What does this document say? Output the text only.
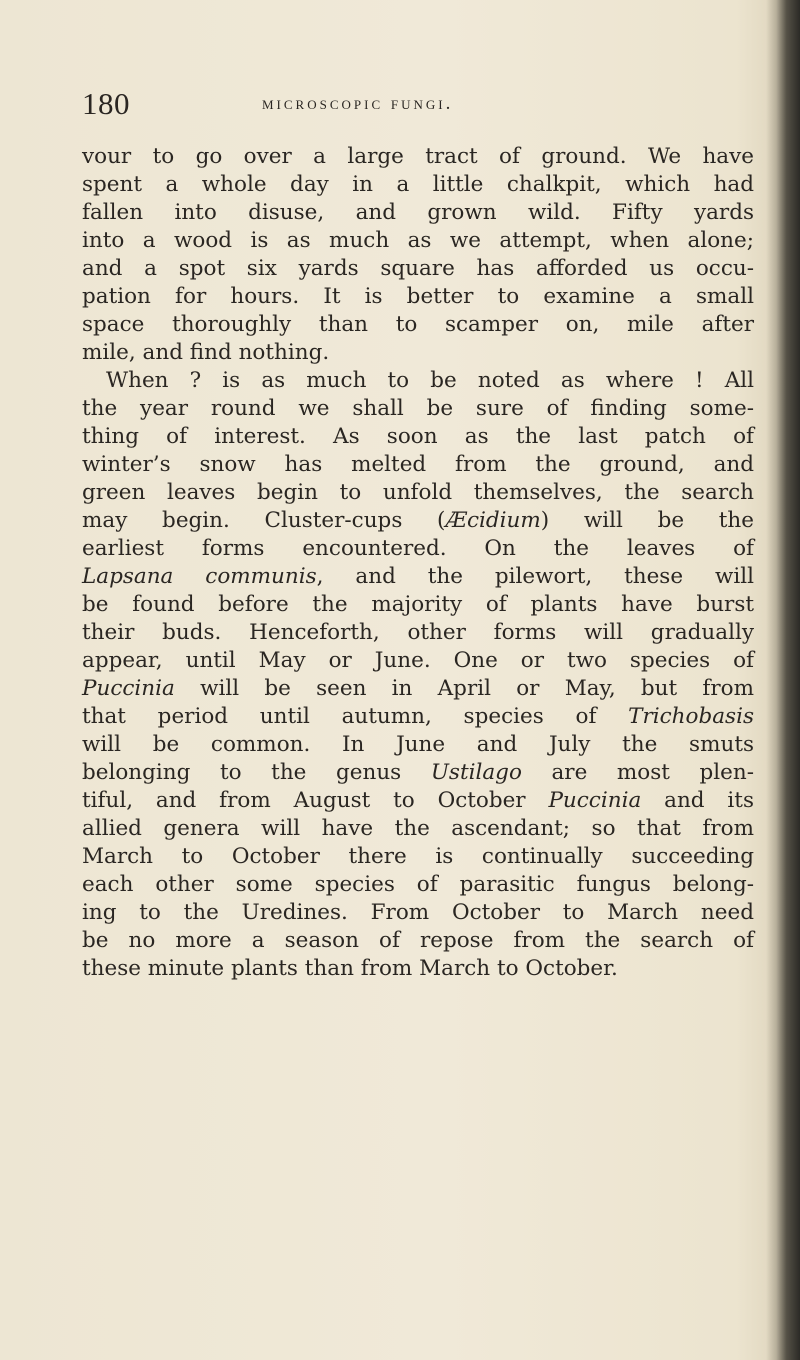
180	microscopic fungi.
vour to go over a large tract of ground. We have
spent a whole day in a little chalkpit, which had
fallen into disuse, and grown wild. Fifty yards
into a wood is as much as we attempt, when alone;
and a spot six yards square has afforded us occu-
pation for hours. It is better to examine a small
space thoroughly than to scamper on, mile after
mile, and find nothing.
When ? is as much to be noted as where ! All
the year round we shall be sure of finding some-
thing of interest. As soon as the last patch of
winter’s snow has melted from the ground, and
green leaves begin to unfold themselves, the search
may begin. Cluster-cups (Æcidium) will be the
earliest forms encountered. On the leaves of
Lapsana communis, and the pilewort, these will
be found before the majority of plants have burst
their buds. Henceforth, other forms will gradually
appear, until May or June. One or two species of
Puccinia will be seen in April or May, but from
that period until autumn, species of Trichobasis
will be common. In June and July the smuts
belonging to the genus Ustilago are most plen-
tiful, and from August to October Puccinia and its
allied genera will have the ascendant; so that from
March to October there is continually succeeding
each other some species of parasitic fungus belong-
ing to the Uredines. From October to March need
be no more a season of repose from the search of
these minute plants than from March to October.
